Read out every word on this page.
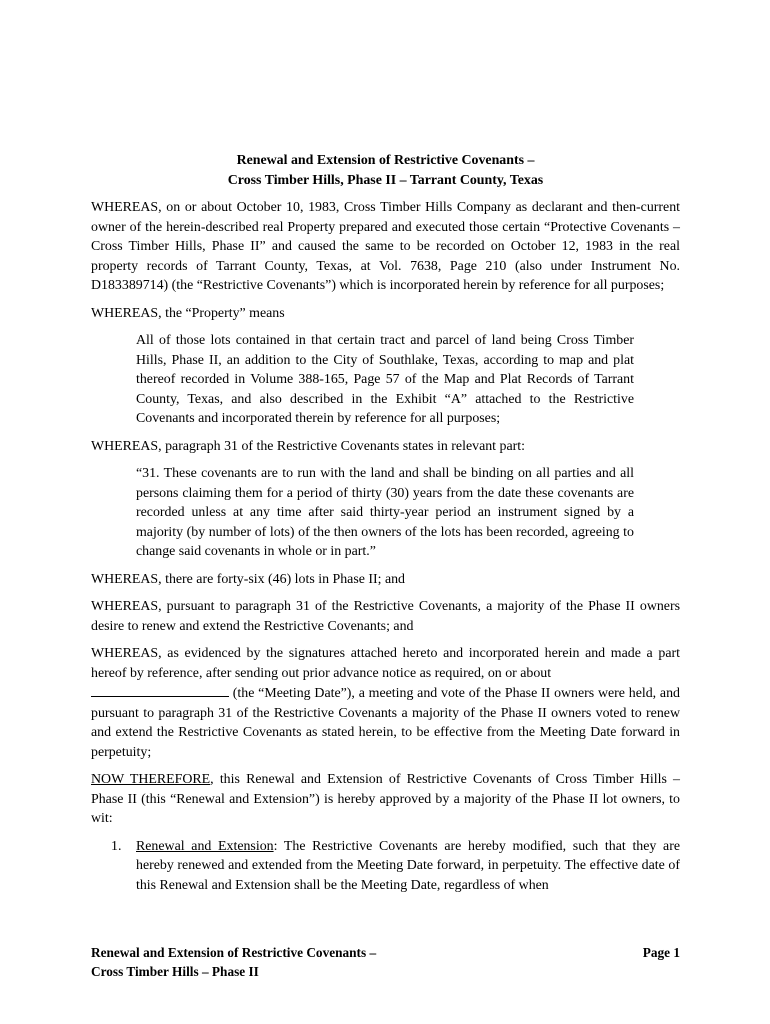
Renewal and Extension of Restrictive Covenants –
Cross Timber Hills, Phase II – Tarrant County, Texas

WHEREAS, on or about October 10, 1983, Cross Timber Hills Company as declarant and then-current owner of the herein-described real Property prepared and executed those certain “Protective Covenants – Cross Timber Hills, Phase II” and caused the same to be recorded on October 12, 1983 in the real property records of Tarrant County, Texas, at Vol. 7638, Page 210 (also under Instrument No. D183389714) (the “Restrictive Covenants”) which is incorporated herein by reference for all purposes;

WHEREAS, the “Property” means

All of those lots contained in that certain tract and parcel of land being Cross Timber Hills, Phase II, an addition to the City of Southlake, Texas, according to map and plat thereof recorded in Volume 388-165, Page 57 of the Map and Plat Records of Tarrant County, Texas, and also described in the Exhibit “A” attached to the Restrictive Covenants and incorporated therein by reference for all purposes;

WHEREAS, paragraph 31 of the Restrictive Covenants states in relevant part:

“31. These covenants are to run with the land and shall be binding on all parties and all persons claiming them for a period of thirty (30) years from the date these covenants are recorded unless at any time after said thirty-year period an instrument signed by a majority (by number of lots) of the then owners of the lots has been recorded, agreeing to change said covenants in whole or in part.”

WHEREAS, there are forty-six (46) lots in Phase II; and

WHEREAS, pursuant to paragraph 31 of the Restrictive Covenants, a majority of the Phase II owners desire to renew and extend the Restrictive Covenants; and

WHEREAS, as evidenced by the signatures attached hereto and incorporated herein and made a part hereof by reference, after sending out prior advance notice as required, on or about
(the “Meeting Date”), a meeting and vote of the Phase II owners were held, and pursuant to paragraph 31 of the Restrictive Covenants a majority of the Phase II owners voted to renew and extend the Restrictive Covenants as stated herein, to be effective from the Meeting Date forward in perpetuity;

NOW THEREFORE, this Renewal and Extension of Restrictive Covenants of Cross Timber Hills – Phase II (this “Renewal and Extension”) is hereby approved by a majority of the Phase II lot owners, to wit:

1. Renewal and Extension: The Restrictive Covenants are hereby modified, such that they are hereby renewed and extended from the Meeting Date forward, in perpetuity. The effective date of this Renewal and Extension shall be the Meeting Date, regardless of when
Renewal and Extension of Restrictive Covenants –
Cross Timber Hills – Phase II
Page 1
